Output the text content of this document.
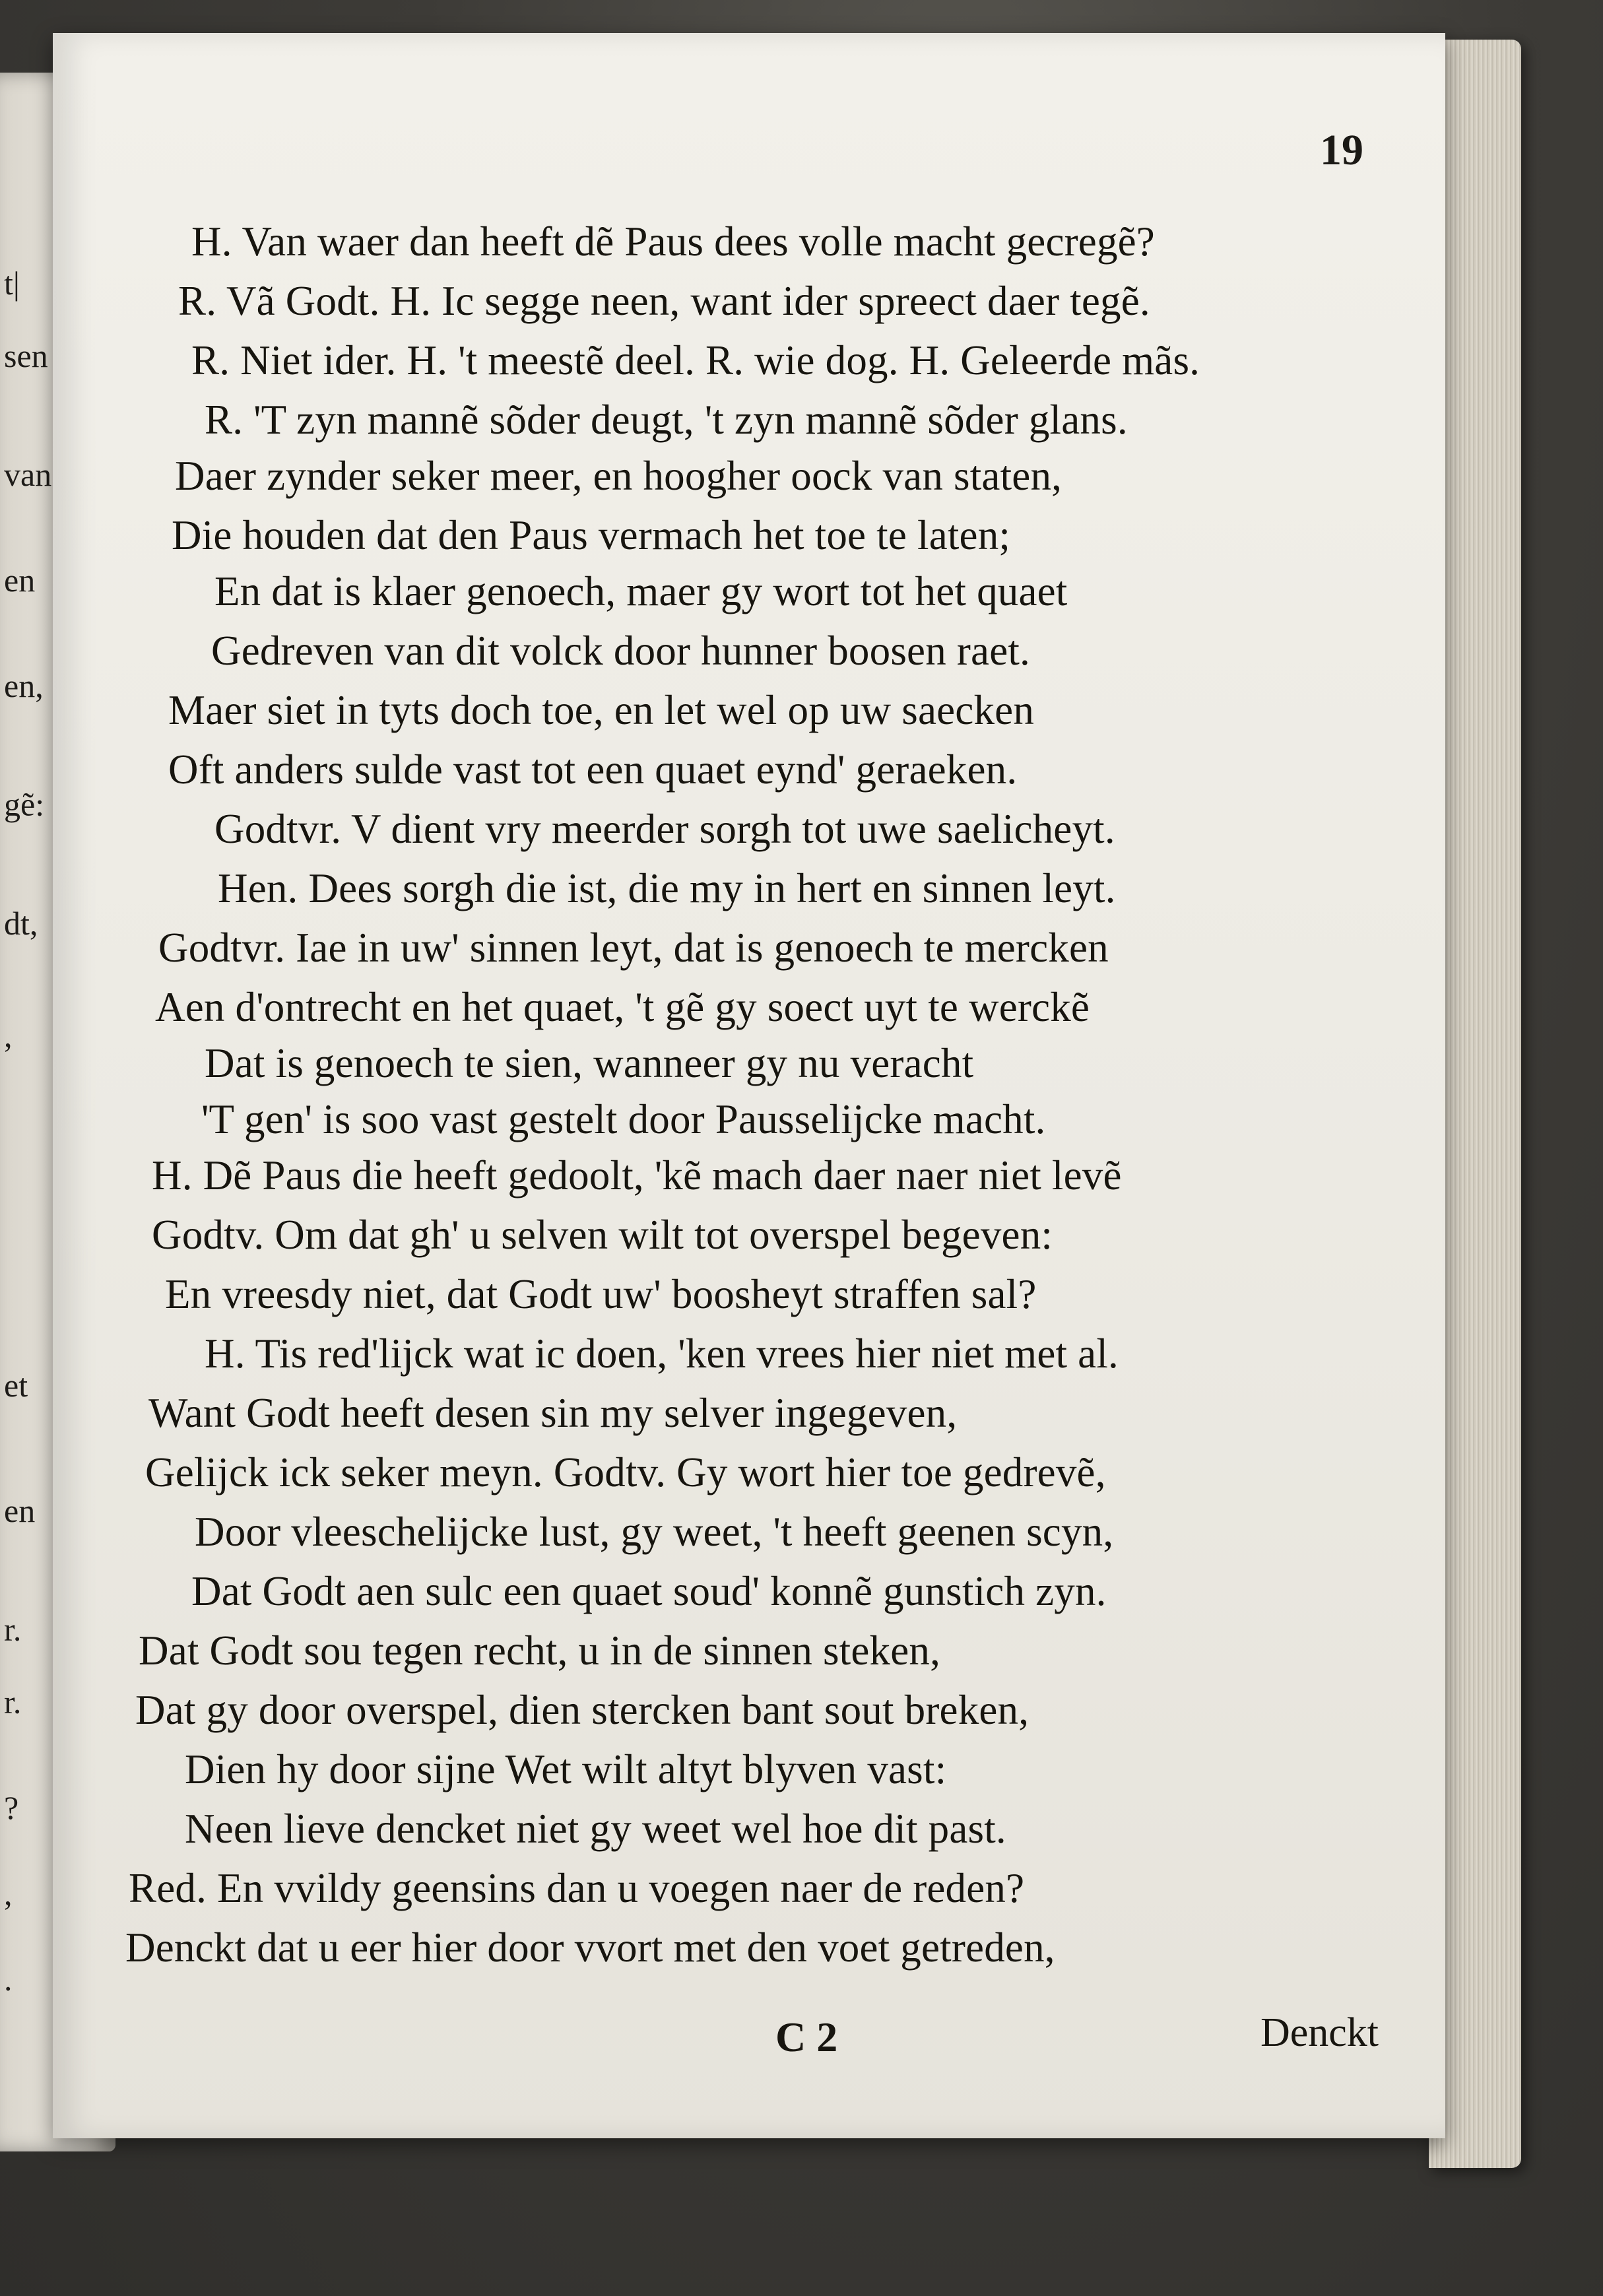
t|
sen
van
en
en,
gẽ:
dt,
,
et
en
r.
r.
?
,
.
19
H. Van waer dan heeft dẽ Paus dees volle macht gecregẽ?
R. Vã Godt. H. Ic segge neen, want ider spreect daer tegẽ.
R. Niet ider. H. 't meestẽ deel. R. wie dog. H. Geleerde mãs.
R. 'T zyn mannẽ sõder deugt, 't zyn mannẽ sõder glans.
Daer zynder seker meer, en hoogher oock van staten,
Die houden dat den Paus vermach het toe te laten;
En dat is klaer genoech, maer gy wort tot het quaet
Gedreven van dit volck door hunner boosen raet.
Maer siet in tyts doch toe, en let wel op uw saecken
Oft anders sulde vast tot een quaet eynd' geraeken.
Godtvr. V dient vry meerder sorgh tot uwe saelicheyt.
Hen. Dees sorgh die ist, die my in hert en sinnen leyt.
Godtvr. Iae in uw' sinnen leyt, dat is genoech te mercken
Aen d'ontrecht en het quaet, 't gẽ gy soect uyt te werckẽ
Dat is genoech te sien, wanneer gy nu veracht
'T gen' is soo vast gestelt door Pausselijcke macht.
H. Dẽ Paus die heeft gedoolt, 'kẽ mach daer naer niet levẽ
Godtv. Om dat gh' u selven wilt tot overspel begeven:
En vreesdy niet, dat Godt uw' boosheyt straffen sal?
H. Tis red'lijck wat ic doen, 'ken vrees hier niet met al.
Want Godt heeft desen sin my selver ingegeven,
Gelijck ick seker meyn. Godtv. Gy wort hier toe gedrevẽ,
Door vleeschelijcke lust, gy weet, 't heeft geenen scyn,
Dat Godt aen sulc een quaet soud' konnẽ gunstich zyn.
Dat Godt sou tegen recht, u in de sinnen steken,
Dat gy door overspel, dien stercken bant sout breken,
Dien hy door sijne Wet wilt altyt blyven vast:
Neen lieve dencket niet gy weet wel hoe dit past.
Red. En vvildy geensins dan u voegen naer de reden?
Denckt dat u eer hier door vvort met den voet getreden,
C 2	Denckt
